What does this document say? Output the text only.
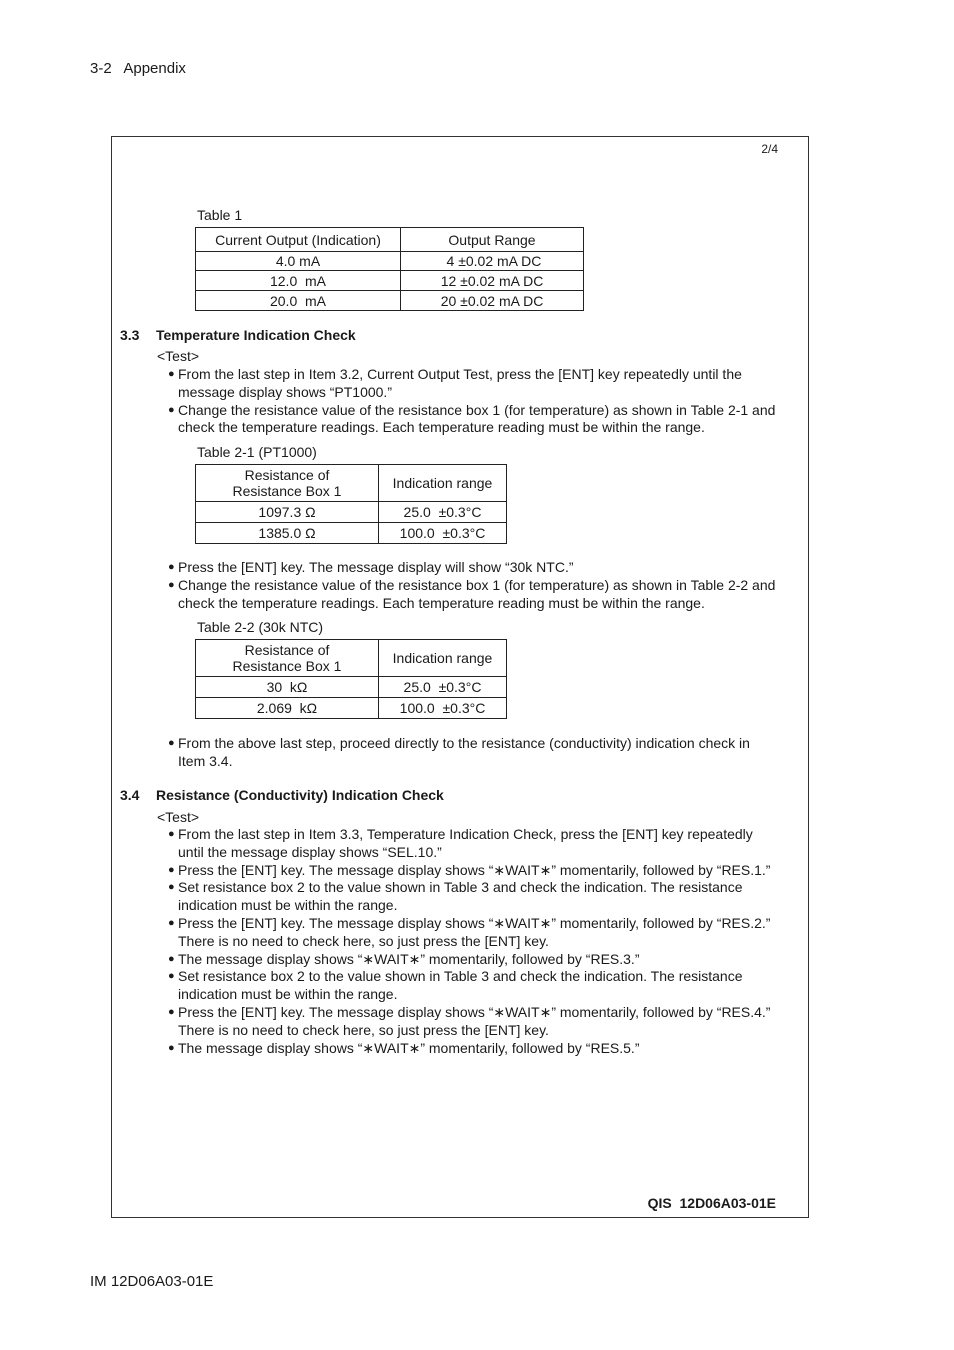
3-2   Appendix
2/4
QIS  12D06A03-01E
Table 1
Current Output (Indication)	Output Range
4.0 mA	4 ±0.02 mA DC
12.0  mA	12 ±0.02 mA DC
20.0  mA	20 ±0.02 mA DC
3.3 Temperature Indication Check
<Test>
● From the last step in Item 3.2, Current Output Test, press the [ENT] key repeatedly until the message display shows “PT1000.”
● Change the resistance value of the resistance box 1 (for temperature) as shown in Table 2-1 and check the temperature readings. Each temperature reading must be within the range.
Table 2-1 (PT1000)
Resistance of Resistance Box 1	Indication range
1097.3 Ω	25.0  ±0.3°C
1385.0 Ω	100.0  ±0.3°C
● Press the [ENT] key. The message display will show “30k NTC.”
● Change the resistance value of the resistance box 1 (for temperature) as shown in Table 2-2 and check the temperature readings. Each temperature reading must be within the range.
Table 2-2 (30k NTC)
Resistance of Resistance Box 1	Indication range
30  kΩ	25.0  ±0.3°C
2.069  kΩ	100.0  ±0.3°C
● From the above last step, proceed directly to the resistance (conductivity) indication check in Item 3.4.
3.4 Resistance (Conductivity) Indication Check
<Test>
● From the last step in Item 3.3, Temperature Indication Check, press the [ENT] key repeatedly until the message display shows “SEL.10.”
● Press the [ENT] key. The message display shows “∗WAIT∗” momentarily, followed by “RES.1.”
● Set resistance box 2 to the value shown in Table 3 and check the indication. The resistance indication must be within the range.
● Press the [ENT] key. The message display shows “∗WAIT∗” momentarily, followed by “RES.2.” There is no need to check here, so just press the [ENT] key.
● The message display shows “∗WAIT∗” momentarily, followed by “RES.3.”
● Set resistance box 2 to the value shown in Table 3 and check the indication. The resistance indication must be within the range.
● Press the [ENT] key. The message display shows “∗WAIT∗” momentarily, followed by “RES.4.” There is no need to check here, so just press the [ENT] key.
● The message display shows “∗WAIT∗” momentarily, followed by “RES.5.”
IM 12D06A03-01E
